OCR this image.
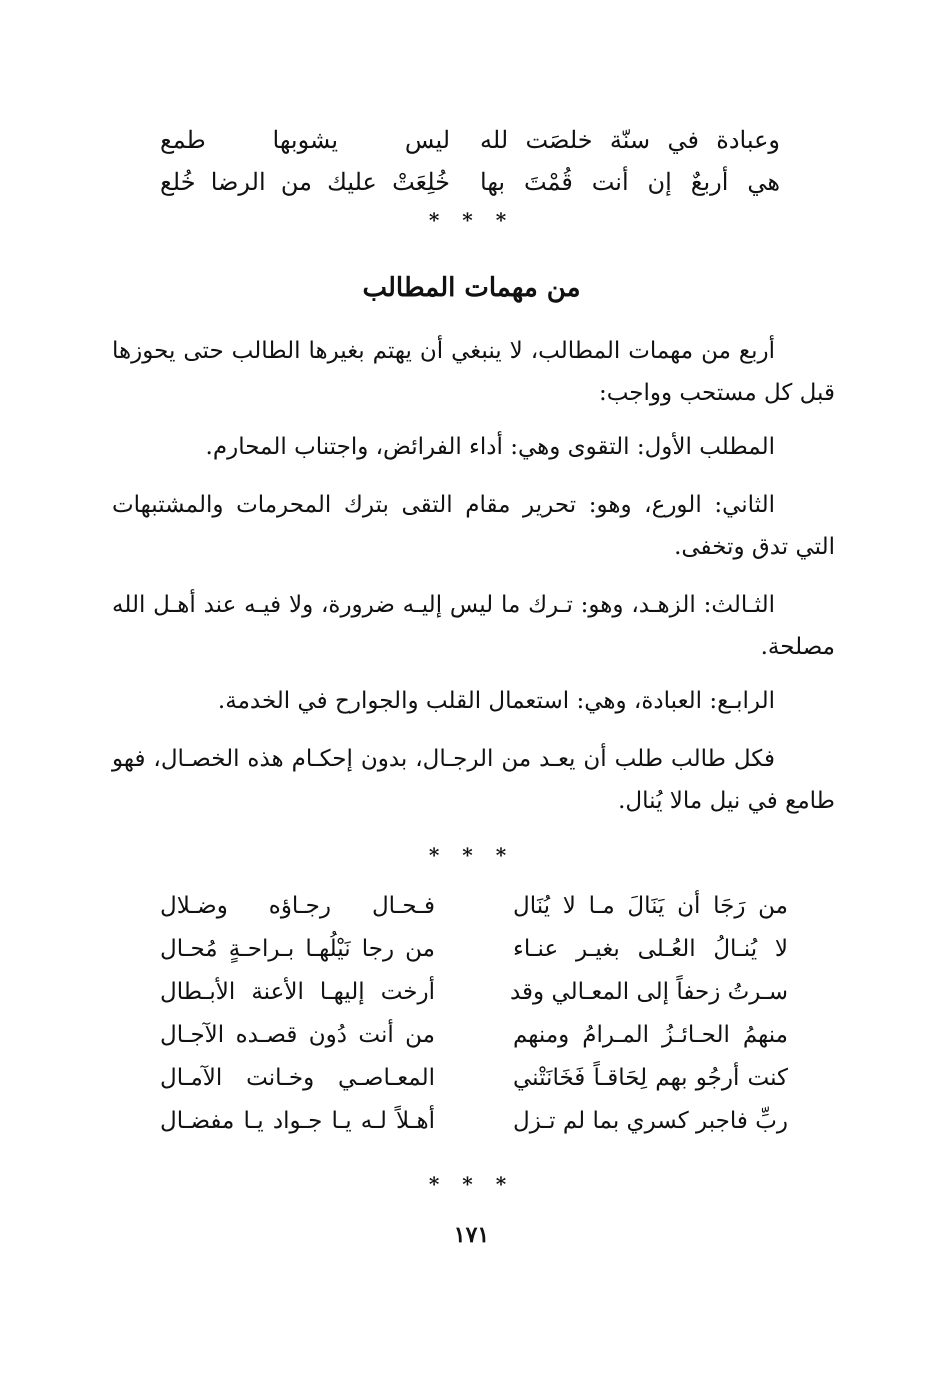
وعبادة في سنّة خلصَت لله
ليس يشوبها طمع
هي أربعٌ إن أنت قُمْتَ بها
خُلِعَتْ عليك من الرضا خُلع
* * *
من مهمات المطالب
أربع من مهمات المطالب، لا ينبغي أن يهتم بغيرها الطالب حتى يحوزها قبل كل مستحب وواجب:
المطلب الأول: التقوى وهي: أداء الفرائض، واجتناب المحارم.
الثاني: الورع، وهو: تحرير مقام التقى بترك المحرمات والمشتبهات التي تدق وتخفى.
الثـالث: الزهـد، وهو: تـرك ما ليس إليـه ضرورة، ولا فيـه عند أهـل الله مصلحة.
الرابـع: العبادة، وهي: استعمال القلب والجوارح في الخدمة.
فكل طالب طلب أن يعـد من الرجـال، بدون إحكـام هذه الخصـال، فهو طامع في نيل مالا يُنال.
* * *
من رَجَا أن يَنَالَ مـا لا يُنَال
فـحـال رجـاؤه وضـلال
لا يُنـالُ العُـلى بغيـر عنـاء
من رجا نَيْلُهـا بـراحـةٍ مُحـال
سـرتُ زحفاً إلى المعـالي وقد
أرخت إليهـا الأعنة الأبـطال
منهمُ الحـائـزُ المـرامُ ومنهم
من أنت دُون قصـده الآجـال
كنت أرجُو بهم لِحَاقـاً فَخَانَتْني
المعـاصـي وخـانت الآمـال
ربِّ فاجبر كسري بما لم تـزل
أهـلاً لـه يـا جـواد يـا مفضـال
* * *
١٧١
